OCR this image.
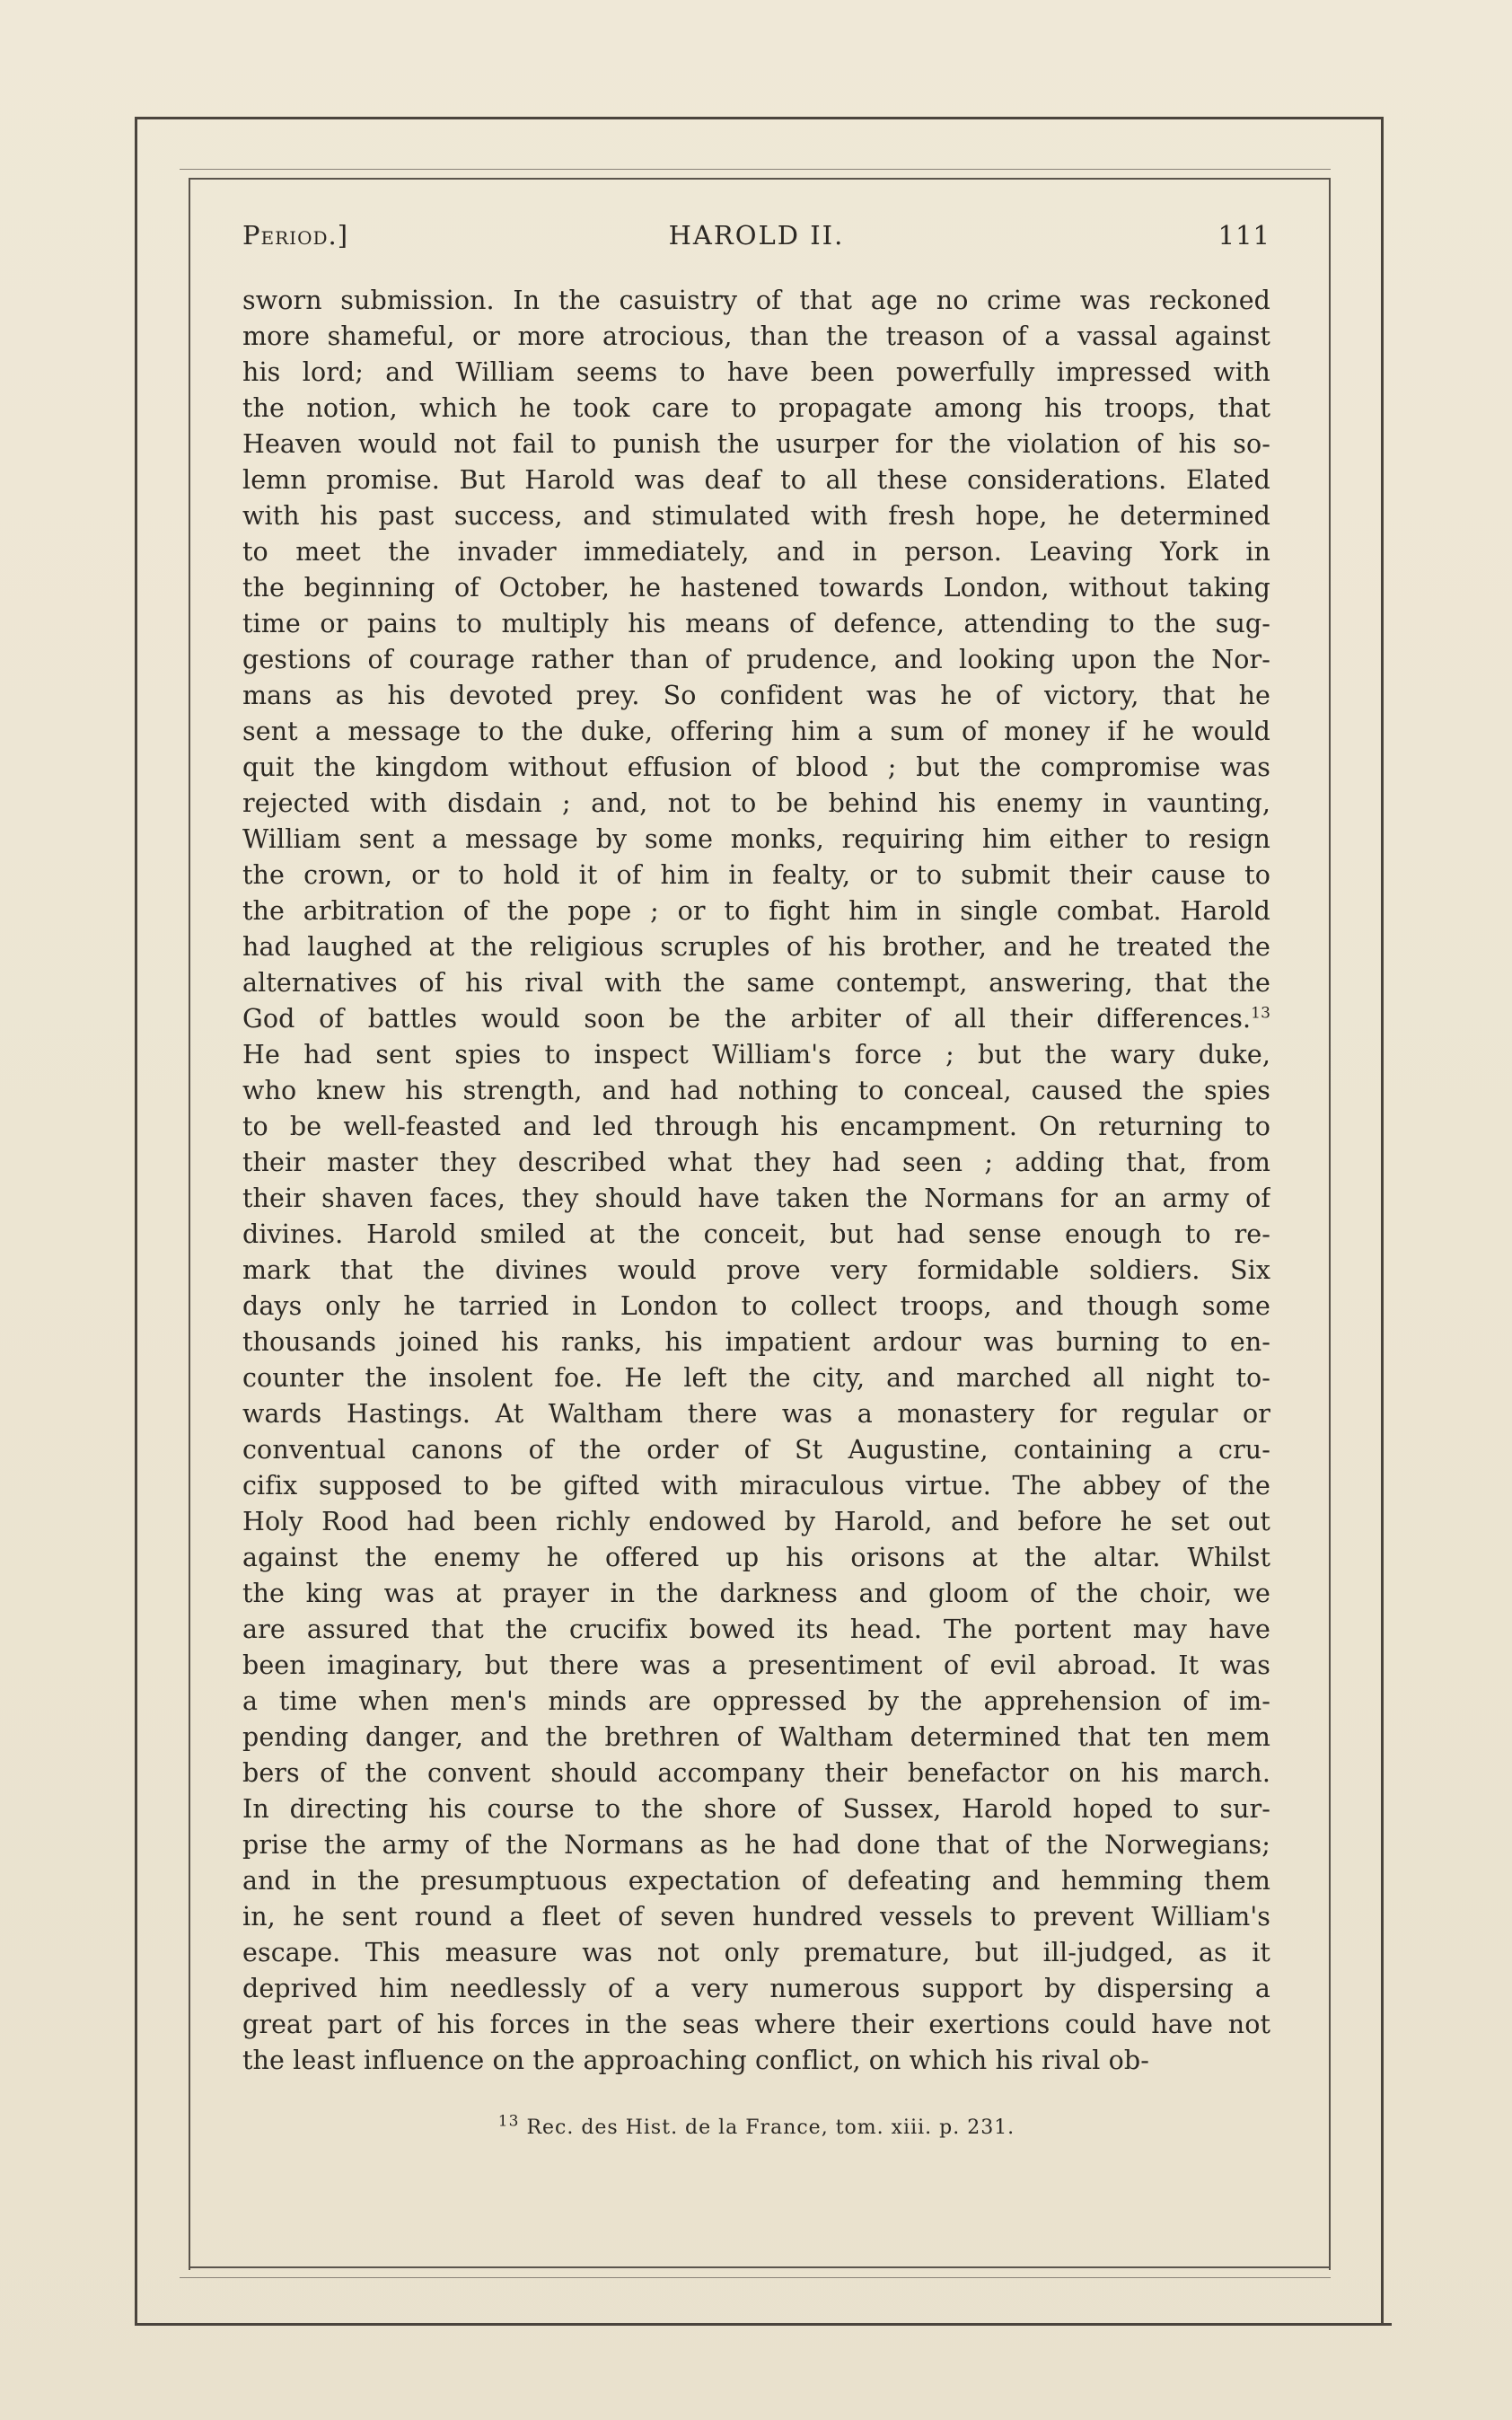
Period.]	HAROLD II.	111
sworn submission. In the casuistry of that age no crime was reckoned
more shameful, or more atrocious, than the treason of a vassal against
his lord; and William seems to have been powerfully impressed with
the notion, which he took care to propagate among his troops, that
Heaven would not fail to punish the usurper for the violation of his so-
lemn promise. But Harold was deaf to all these considerations. Elated
with his past success, and stimulated with fresh hope, he determined
to meet the invader immediately, and in person. Leaving York in
the beginning of October, he hastened towards London, without taking
time or pains to multiply his means of defence, attending to the sug-
gestions of courage rather than of prudence, and looking upon the Nor-
mans as his devoted prey. So confident was he of victory, that he
sent a message to the duke, offering him a sum of money if he would
quit the kingdom without effusion of blood ; but the compromise was
rejected with disdain ; and, not to be behind his enemy in vaunting,
William sent a message by some monks, requiring him either to resign
the crown, or to hold it of him in fealty, or to submit their cause to
the arbitration of the pope ; or to fight him in single combat. Harold
had laughed at the religious scruples of his brother, and he treated the
alternatives of his rival with the same contempt, answering, that the
God of battles would soon be the arbiter of all their differences.$^{13}$
He had sent spies to inspect William's force ; but the wary duke,
who knew his strength, and had nothing to conceal, caused the spies
to be well-feasted and led through his encampment. On returning to
their master they described what they had seen ; adding that, from
their shaven faces, they should have taken the Normans for an army of
divines. Harold smiled at the conceit, but had sense enough to re-
mark that the divines would prove very formidable soldiers. Six
days only he tarried in London to collect troops, and though some
thousands joined his ranks, his impatient ardour was burning to en-
counter the insolent foe. He left the city, and marched all night to-
wards Hastings. At Waltham there was a monastery for regular or
conventual canons of the order of St Augustine, containing a cru-
cifix supposed to be gifted with miraculous virtue. The abbey of the
Holy Rood had been richly endowed by Harold, and before he set out
against the enemy he offered up his orisons at the altar. Whilst
the king was at prayer in the darkness and gloom of the choir, we
are assured that the crucifix bowed its head. The portent may have
been imaginary, but there was a presentiment of evil abroad. It was
a time when men's minds are oppressed by the apprehension of im-
pending danger, and the brethren of Waltham determined that ten mem
bers of the convent should accompany their benefactor on his march.
In directing his course to the shore of Sussex, Harold hoped to sur-
prise the army of the Normans as he had done that of the Norwegians;
and in the presumptuous expectation of defeating and hemming them
in, he sent round a fleet of seven hundred vessels to prevent William's
escape. This measure was not only premature, but ill-judged, as it
deprived him needlessly of a very numerous support by dispersing a
great part of his forces in the seas where their exertions could have not
the least influence on the approaching conflict, on which his rival ob-
$^{13}$ Rec. des Hist. de la France, tom. xiii. p. 231.
